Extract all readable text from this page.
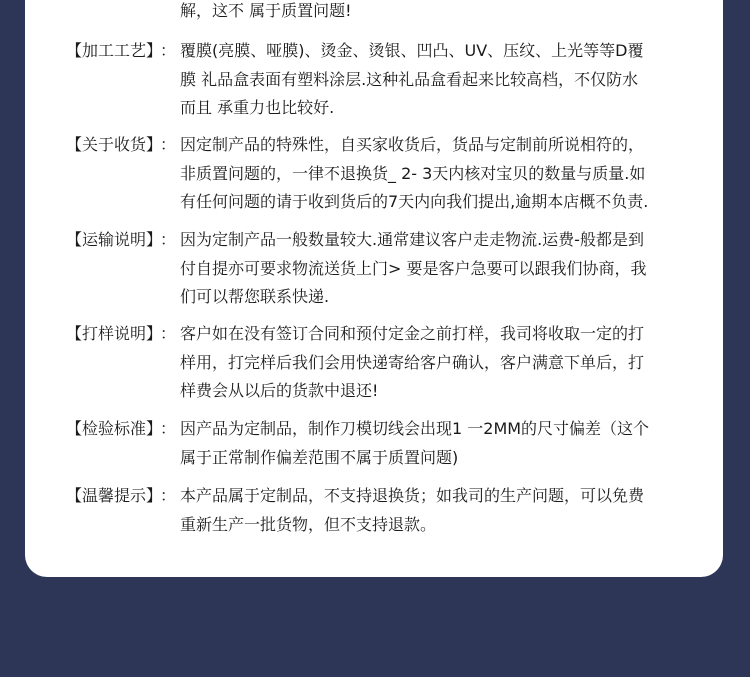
解，这不 属于质置问题!
【加工工艺】
： 覆膜(亮膜、哑膜)、烫金、烫银、凹凸、UV、压纹、上光等等D覆
膜 礼品盒表面有塑料涂层.这种礼品盒看起来比较高档，不仅防水
而且 承重力也比较好.
【关于收货】
： 因定制产品的特殊性，自买家收货后，货品与定制前所说相符的，
非质置问题的，一律不退换货_ 2- 3天内核对宝贝的数量与质量.如
有任何问题的请于收到货后的7天内向我们提出,逾期本店概不负责.
【运输说明】
： 因为定制产品一般数量较大.通常建议客户走走物流.运费-般都是到
付自提亦可要求物流送货上门> 要是客户急要可以跟我们协商，我
们可以帮您联系快递.
【打样说明】
： 客户如在没有签订合同和预付定金之前打样，我司将收取一定的打
样用，打完样后我们会用快递寄给客户确认，客户满意下单后，打
样费会从以后的货款中退还!
【检验标准】
： 因产品为定制品，制作刀模切线会出现1 一2MM的尺寸偏差（这个
属于正常制作偏差范围不属于质置问题)
【温馨提示】
： 本产品属于定制品，不支持退换货；如我司的生产问题，可以免费
重新生产一批货物，但不支持退款。
